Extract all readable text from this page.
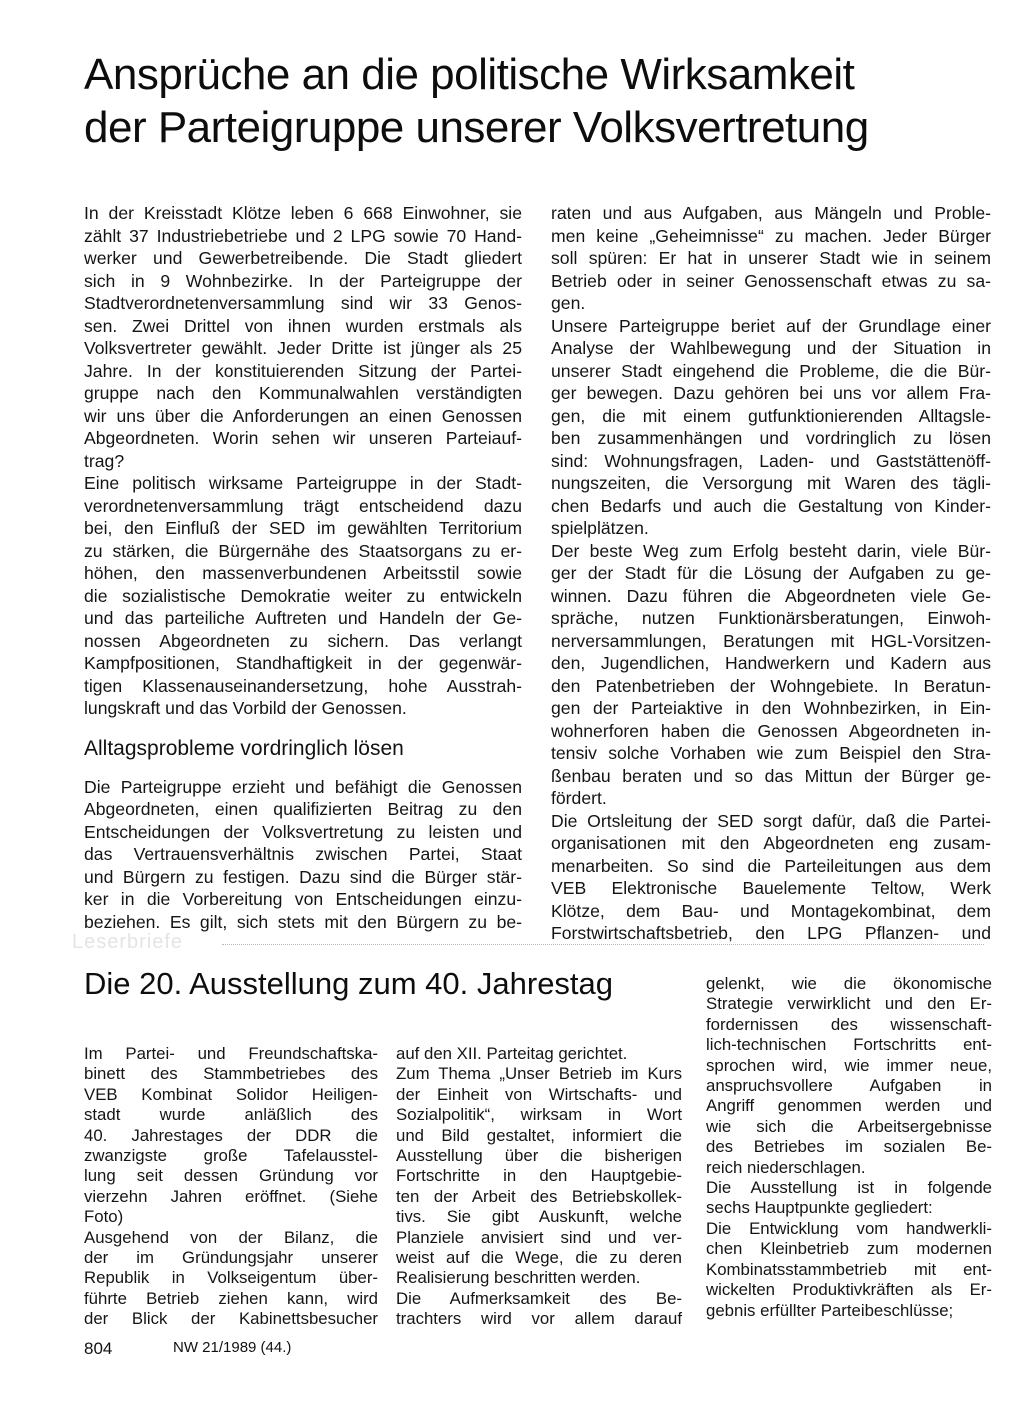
Ansprüche an die politische Wirksamkeit
der Parteigruppe unserer Volksvertretung
In der Kreisstadt Klötze leben 6 668 Einwohner, sie
zählt 37 Industriebetriebe und 2 LPG sowie 70 Hand-
werker und Gewerbetreibende. Die Stadt gliedert
sich in 9 Wohnbezirke. In der Parteigruppe der
Stadtverordnetenversammlung sind wir 33 Genos-
sen. Zwei Drittel von ihnen wurden erstmals als
Volksvertreter gewählt. Jeder Dritte ist jünger als 25
Jahre. In der konstituierenden Sitzung der Partei-
gruppe nach den Kommunalwahlen verständigten
wir uns über die Anforderungen an einen Genossen
Abgeordneten. Worin sehen wir unseren Parteiauf-
trag?
Eine politisch wirksame Parteigruppe in der Stadt-
verordnetenversammlung trägt entscheidend dazu
bei, den Einfluß der SED im gewählten Territorium
zu stärken, die Bürgernähe des Staatsorgans zu er-
höhen, den massenverbundenen Arbeitsstil sowie
die sozialistische Demokratie weiter zu entwickeln
und das parteiliche Auftreten und Handeln der Ge-
nossen Abgeordneten zu sichern. Das verlangt
Kampfpositionen, Standhaftigkeit in der gegenwär-
tigen Klassenauseinandersetzung, hohe Ausstrah-
lungskraft und das Vorbild der Genossen.
Alltagsprobleme vordringlich lösen
Die Parteigruppe erzieht und befähigt die Genossen
Abgeordneten, einen qualifizierten Beitrag zu den
Entscheidungen der Volksvertretung zu leisten und
das Vertrauensverhältnis zwischen Partei, Staat
und Bürgern zu festigen. Dazu sind die Bürger stär-
ker in die Vorbereitung von Entscheidungen einzu-
beziehen. Es gilt, sich stets mit den Bürgern zu be-
raten und aus Aufgaben, aus Mängeln und Proble-
men keine „Geheimnisse“ zu machen. Jeder Bürger
soll spüren: Er hat in unserer Stadt wie in seinem
Betrieb oder in seiner Genossenschaft etwas zu sa-
gen.
Unsere Parteigruppe beriet auf der Grundlage einer
Analyse der Wahlbewegung und der Situation in
unserer Stadt eingehend die Probleme, die die Bür-
ger bewegen. Dazu gehören bei uns vor allem Fra-
gen, die mit einem gutfunktionierenden Alltagsle-
ben zusammenhängen und vordringlich zu lösen
sind: Wohnungsfragen, Laden- und Gaststättenöff-
nungszeiten, die Versorgung mit Waren des tägli-
chen Bedarfs und auch die Gestaltung von Kinder-
spielplätzen.
Der beste Weg zum Erfolg besteht darin, viele Bür-
ger der Stadt für die Lösung der Aufgaben zu ge-
winnen. Dazu führen die Abgeordneten viele Ge-
spräche, nutzen Funktionärsberatungen, Einwoh-
nerversammlungen, Beratungen mit HGL-Vorsitzen-
den, Jugendlichen, Handwerkern und Kadern aus
den Patenbetrieben der Wohngebiete. In Beratun-
gen der Parteiaktive in den Wohnbezirken, in Ein-
wohnerforen haben die Genossen Abgeordneten in-
tensiv solche Vorhaben wie zum Beispiel den Stra-
ßenbau beraten und so das Mittun der Bürger ge-
fördert.
Die Ortsleitung der SED sorgt dafür, daß die Partei-
organisationen mit den Abgeordneten eng zusam-
menarbeiten. So sind die Parteileitungen aus dem
VEB Elektronische Bauelemente Teltow, Werk
Klötze, dem Bau- und Montagekombinat, dem
Forstwirtschaftsbetrieb, den LPG Pflanzen- und
Leserbriefe
Die 20. Ausstellung zum 40. Jahrestag
Im Partei- und Freundschaftska-
binett des Stammbetriebes des
VEB Kombinat Solidor Heiligen-
stadt wurde anläßlich des
40. Jahrestages der DDR die
zwanzigste große Tafelausstel-
lung seit dessen Gründung vor
vierzehn Jahren eröffnet. (Siehe
Foto)
Ausgehend von der Bilanz, die
der im Gründungsjahr unserer
Republik in Volkseigentum über-
führte Betrieb ziehen kann, wird
der Blick der Kabinettsbesucher
auf den XII. Parteitag gerichtet.
Zum Thema „Unser Betrieb im Kurs
der Einheit von Wirtschafts- und
Sozialpolitik“, wirksam in Wort
und Bild gestaltet, informiert die
Ausstellung über die bisherigen
Fortschritte in den Hauptgebie-
ten der Arbeit des Betriebskollek-
tivs. Sie gibt Auskunft, welche
Planziele anvisiert sind und ver-
weist auf die Wege, die zu deren
Realisierung beschritten werden.
Die Aufmerksamkeit des Be-
trachters wird vor allem darauf
gelenkt, wie die ökonomische
Strategie verwirklicht und den Er-
fordernissen des wissenschaft-
lich-technischen Fortschritts ent-
sprochen wird, wie immer neue,
anspruchsvollere Aufgaben in
Angriff genommen werden und
wie sich die Arbeitsergebnisse
des Betriebes im sozialen Be-
reich niederschlagen.
Die Ausstellung ist in folgende
sechs Hauptpunkte gegliedert:
Die Entwicklung vom handwerkli-
chen Kleinbetrieb zum modernen
Kombinatsstammbetrieb mit ent-
wickelten Produktivkräften als Er-
gebnis erfüllter Parteibeschlüsse;
804	NW 21/1989 (44.)
